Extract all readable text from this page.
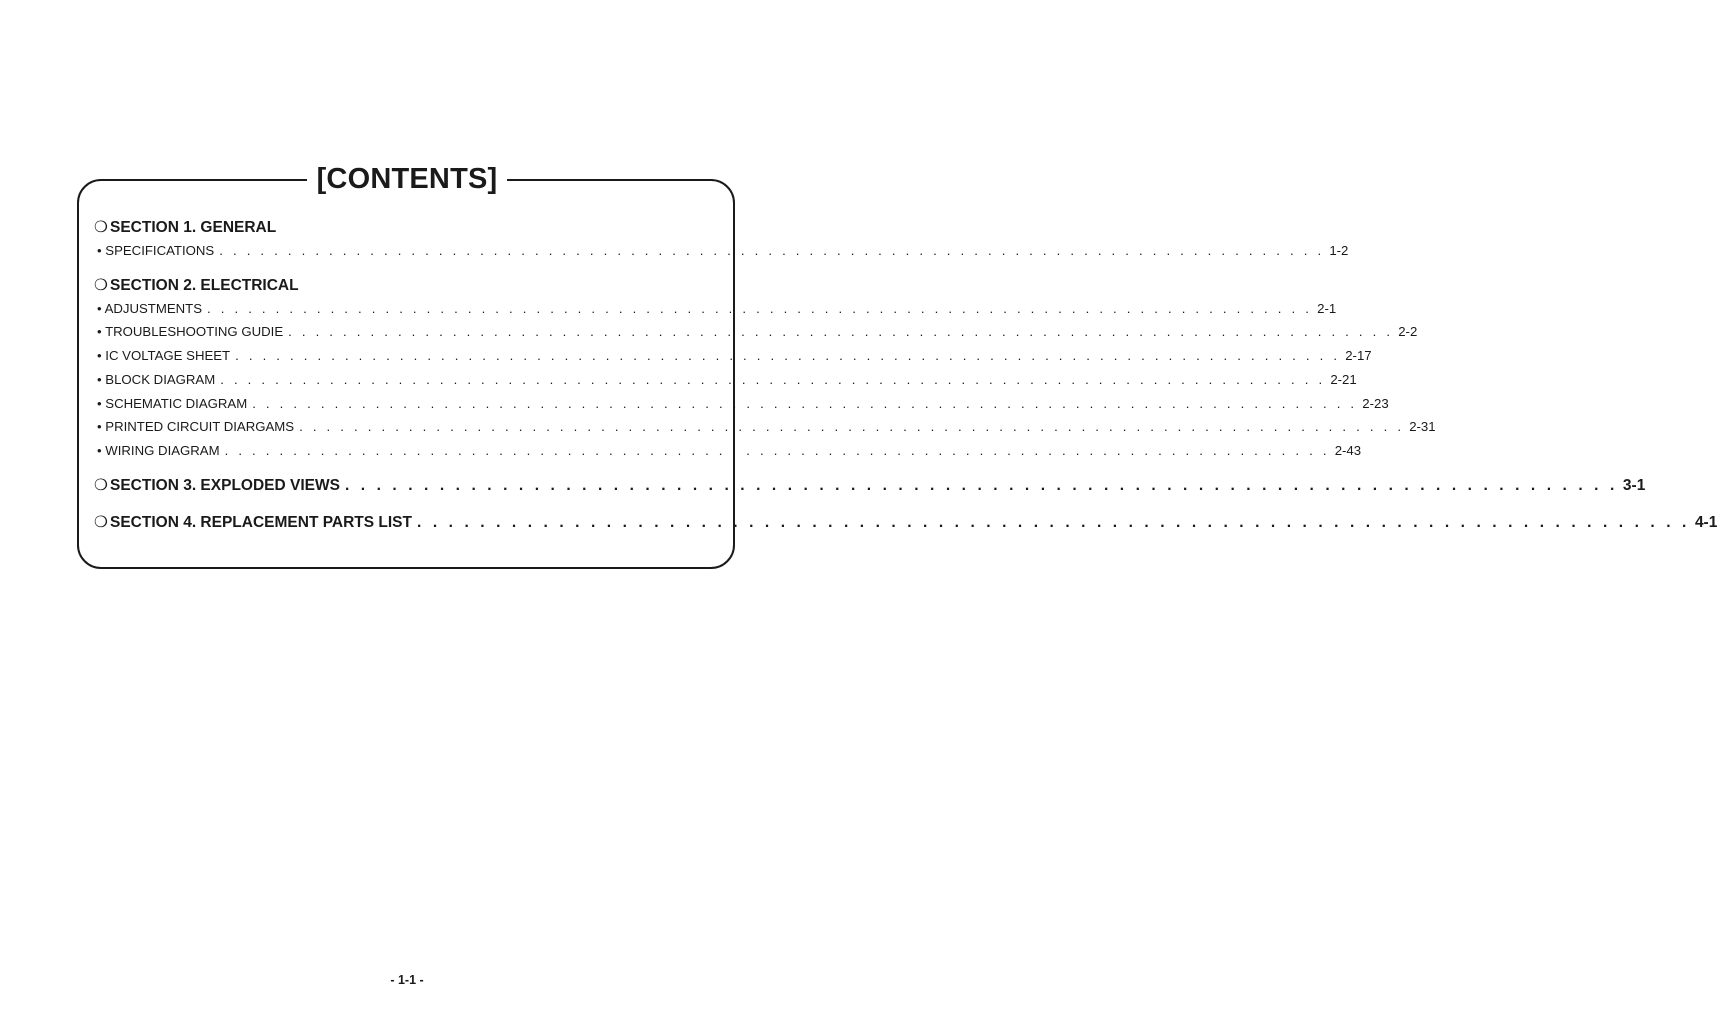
[CONTENTS]
❍ SECTION 1. GENERAL
• SPECIFICATIONS . . . . . . . . . . . . . . . . . . . . . . . . . . . . . . . . . . . . . . . . . . . . . . . . . . . . . . . . . . . . . . . . . . . . . . . . . . . . . . . . . 1-2
❍ SECTION 2. ELECTRICAL
• ADJUSTMENTS . . . . . . . . . . . . . . . . . . . . . . . . . . . . . . . . . . . . . . . . . . . . . . . . . . . . . . . . . . . . . . . . . . . . . . . . . . . . . . . . . 2-1
• TROUBLESHOOTING GUDIE . . . . . . . . . . . . . . . . . . . . . . . . . . . . . . . . . . . . . . . . . . . . . . . . . . . . . . . . . . . . . . . . . . . . . . . . . . . . . . . . . 2-2
• IC VOLTAGE SHEET . . . . . . . . . . . . . . . . . . . . . . . . . . . . . . . . . . . . . . . . . . . . . . . . . . . . . . . . . . . . . . . . . . . . . . . . . . . . . . . . . 2-17
• BLOCK DIAGRAM . . . . . . . . . . . . . . . . . . . . . . . . . . . . . . . . . . . . . . . . . . . . . . . . . . . . . . . . . . . . . . . . . . . . . . . . . . . . . . . . . 2-21
• SCHEMATIC DIAGRAM . . . . . . . . . . . . . . . . . . . . . . . . . . . . . . . . . . . . . . . . . . . . . . . . . . . . . . . . . . . . . . . . . . . . . . . . . . . . . . . . . 2-23
• PRINTED CIRCUIT DIARGAMS . . . . . . . . . . . . . . . . . . . . . . . . . . . . . . . . . . . . . . . . . . . . . . . . . . . . . . . . . . . . . . . . . . . . . . . . . . . . . . . . . 2-31
• WIRING DIAGRAM . . . . . . . . . . . . . . . . . . . . . . . . . . . . . . . . . . . . . . . . . . . . . . . . . . . . . . . . . . . . . . . . . . . . . . . . . . . . . . . . . 2-43
❍ SECTION 3. EXPLODED VIEWS . . . . . . . . . . . . . . . . . . . . . . . . . . . . . . . . . . . . . . . . . . . . . . . . . . . . . . . . . . . . . . . . . . . . . . . . . . . . . . . . . 3-1
❍ SECTION 4. REPLACEMENT PARTS LIST . . . . . . . . . . . . . . . . . . . . . . . . . . . . . . . . . . . . . . . . . . . . . . . . . . . . . . . . . . . . . . . . . . . . . . . . . . . . . . . . . 4-1
- 1-1 -
